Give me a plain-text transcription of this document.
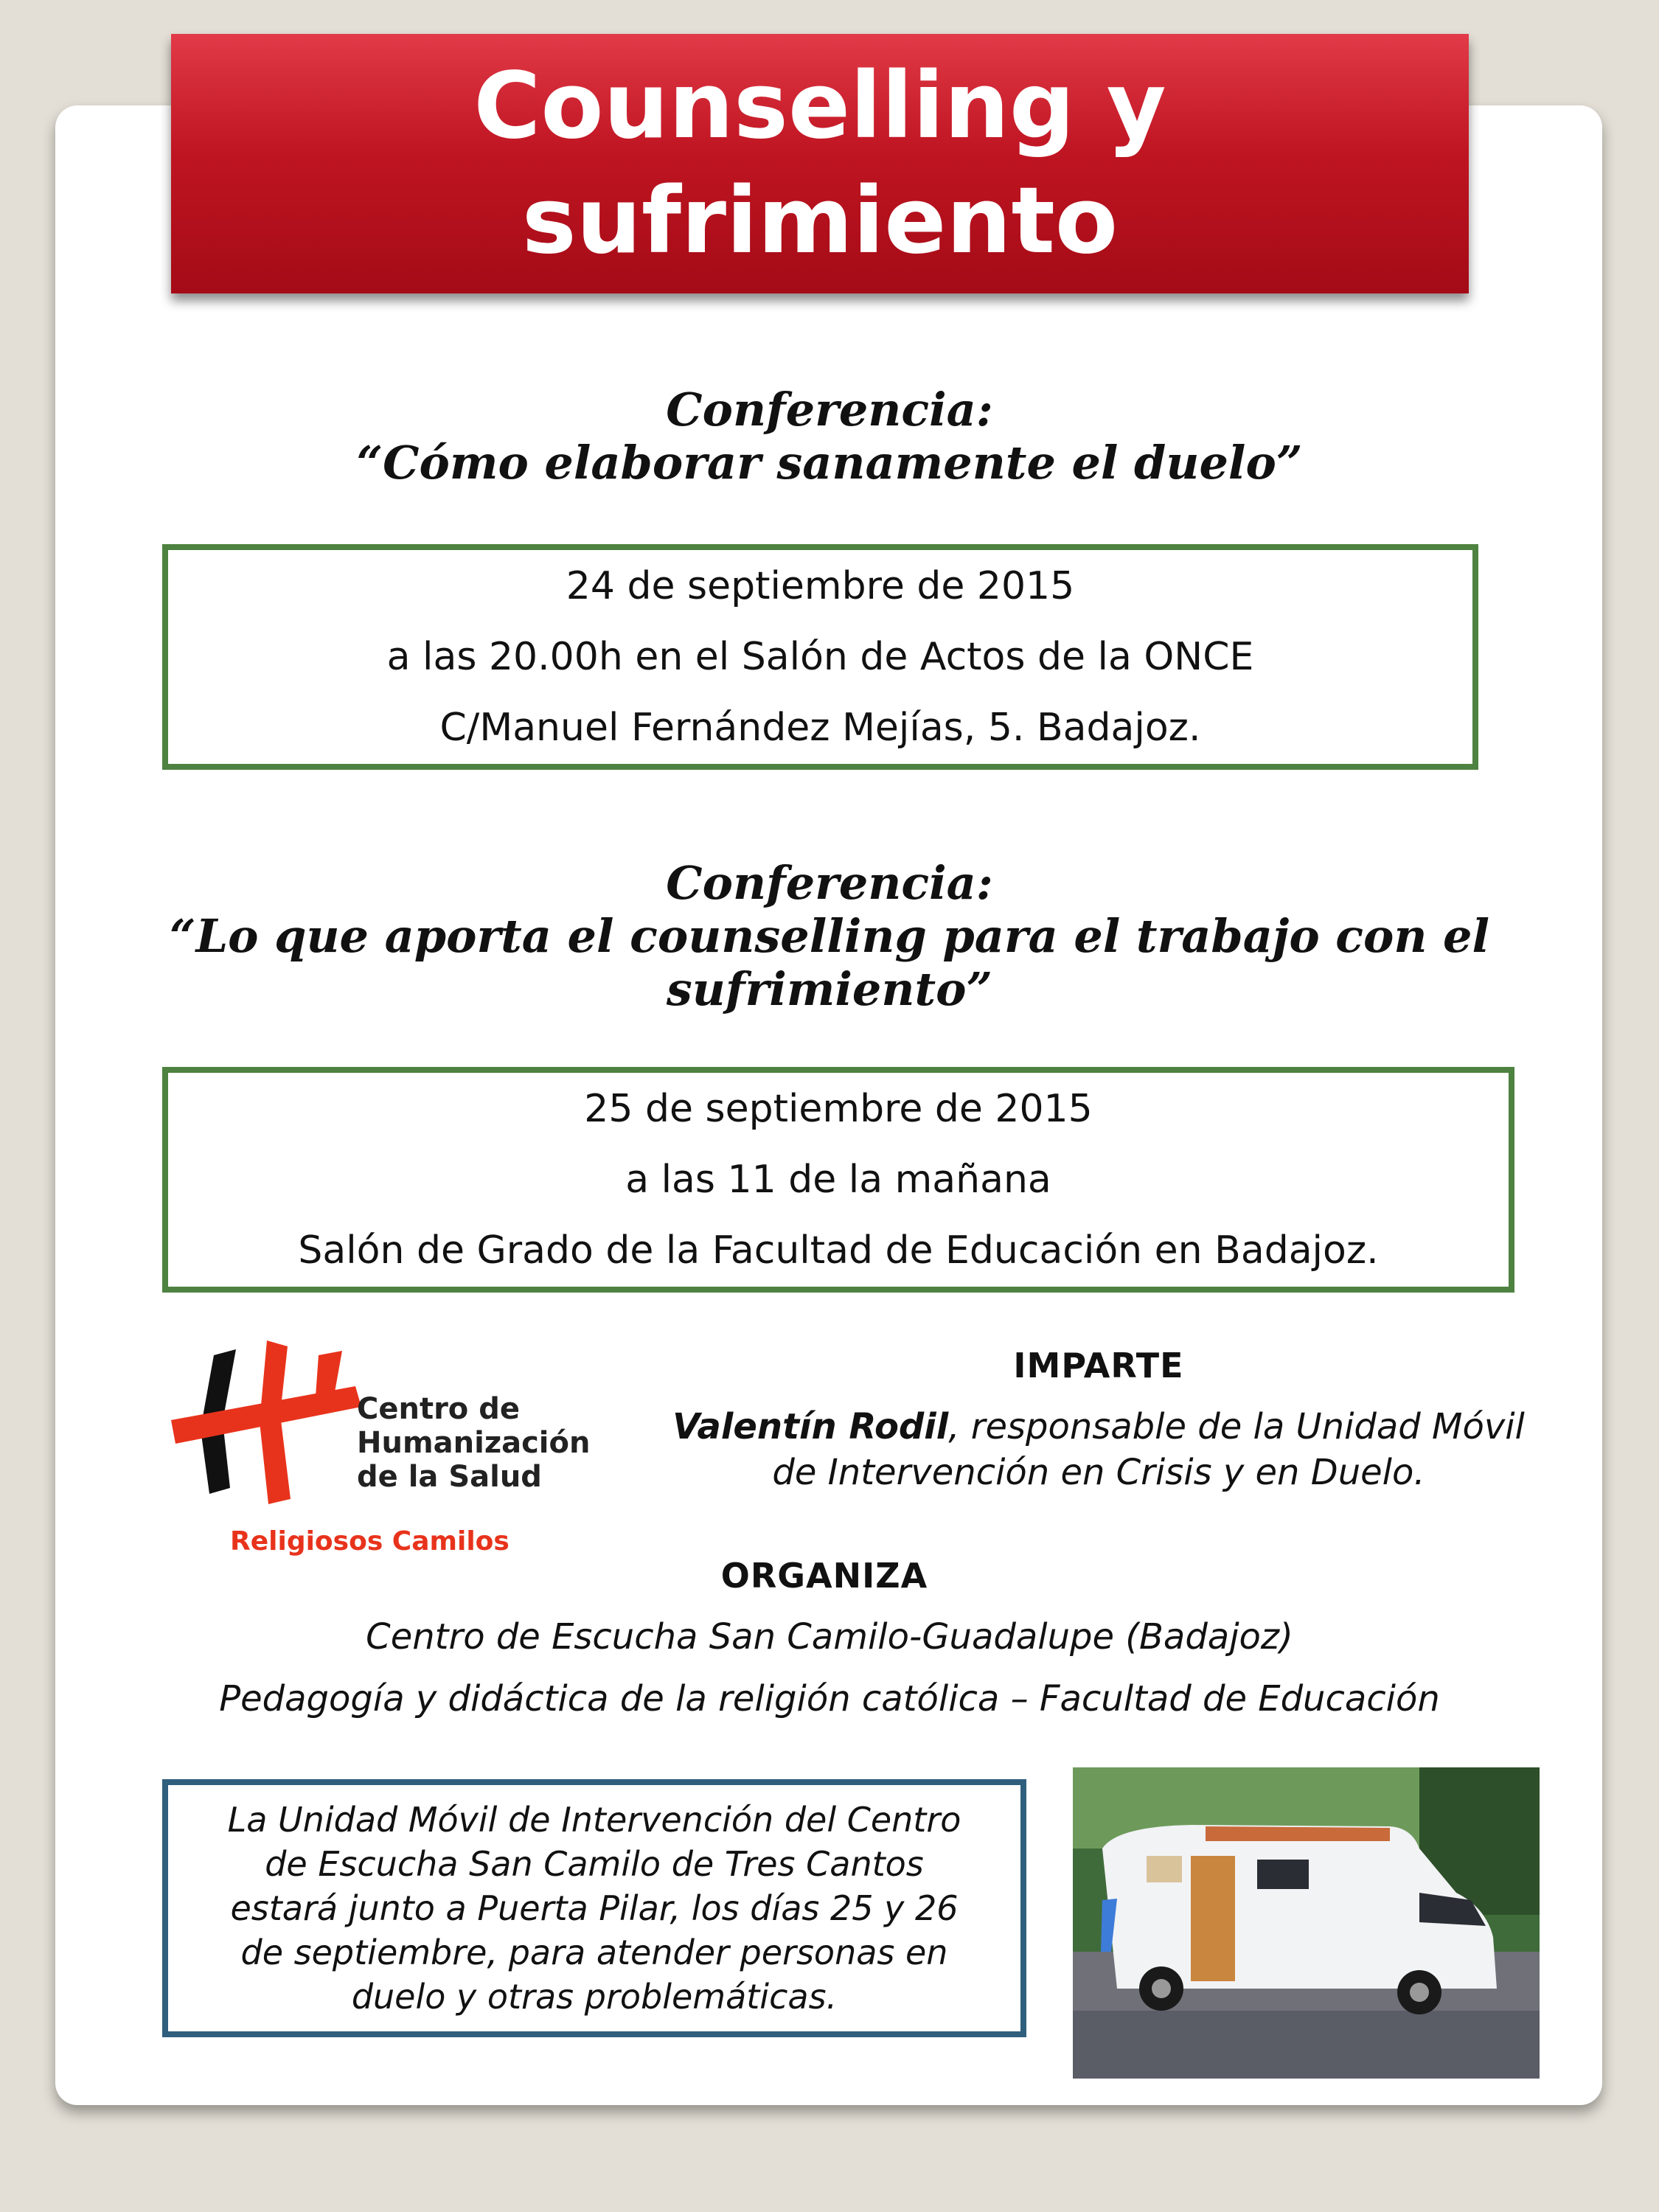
Counselling y
sufrimiento
Conferencia:
“Cómo elaborar sanamente el duelo”
24 de septiembre de 2015
a las 20.00h en el Salón de Actos de la ONCE
C/Manuel Fernández Mejías, 5. Badajoz.
Conferencia:
“Lo que aporta el counselling para el trabajo con el
sufrimiento”
25 de septiembre de 2015
a las 11 de la mañana
Salón de Grado de la Facultad de Educación en Badajoz.
Centro de
Humanización
de la Salud
Religiosos Camilos
IMPARTE
Valentín Rodil, responsable de la Unidad Móvil
de Intervención en Crisis y en Duelo.
ORGANIZA
Centro de Escucha San Camilo-Guadalupe (Badajoz)
Pedagogía y didáctica de la religión católica – Facultad de Educación
La Unidad Móvil de Intervención del Centro
de Escucha San Camilo de Tres Cantos
estará junto a Puerta Pilar, los días 25 y 26
de septiembre, para atender personas en
duelo y otras problemáticas.
